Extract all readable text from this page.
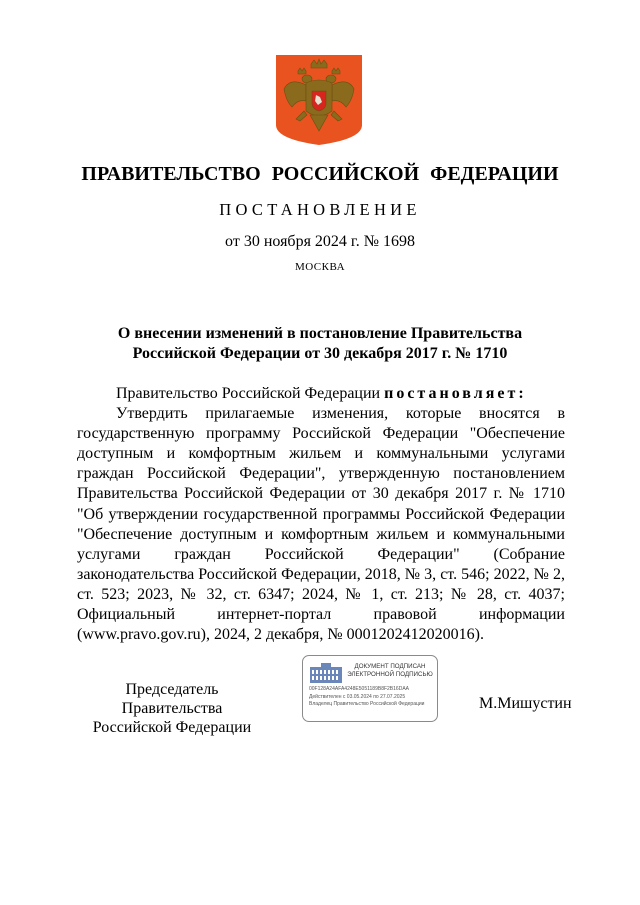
ПРАВИТЕЛЬСТВО РОССИЙСКОЙ ФЕДЕРАЦИИ
ПОСТАНОВЛЕНИЕ
от 30 ноября 2024 г. № 1698
МОСКВА
О внесении изменений в постановление Правительства
Российской Федерации от 30 декабря 2017 г. № 1710

Правительство Российской Федерации постановляет:

Утвердить прилагаемые изменения, которые вносятся в государственную программу Российской Федерации "Обеспечение доступным и комфортным жильем и коммунальными услугами граждан Российской Федерации", утвержденную постановлением Правительства Российской Федерации от 30 декабря 2017 г. № 1710 "Об утверждении государственной программы Российской Федерации "Обеспечение доступным и комфортным жильем и коммунальными услугами граждан Российской Федерации" (Собрание законодательства Российской Федерации, 2018, № 3, ст. 546; 2022, № 2, ст. 523; 2023, № 32, ст. 6347; 2024, № 1, ст. 213; № 28, ст. 4037; Официальный интернет-портал правовой информации (www.pravo.gov.ru), 2024, 2 декабря, № 0001202412020016).

Председатель Правительства
Российской Федерации
ДОКУМЕНТ ПОДПИСАН
ЭЛЕКТРОННОЙ ПОДПИСЬЮ
00F128A24AFA4248E5051189B8F2B16DAA
Действителен с 03.05.2024 по 27.07.2025
Владелец Правительство Российской Федерации	М.Мишустин
